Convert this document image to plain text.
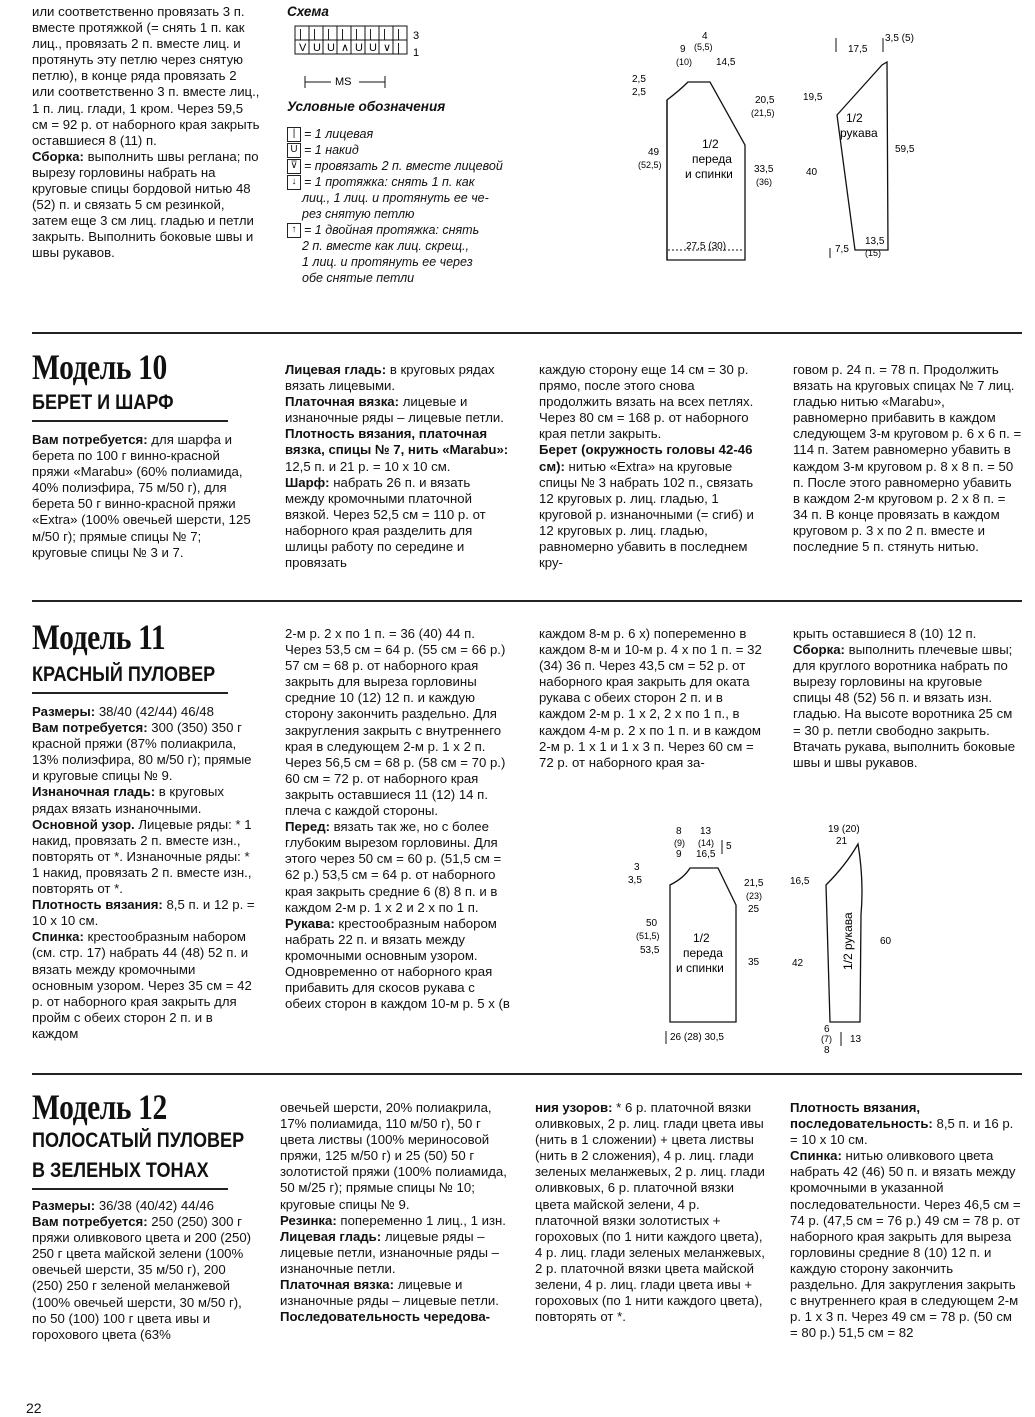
или соответственно провязать 3 п. вместе протяжкой (= снять 1 п. как лиц., провязать 2 п. вместе лиц. и протянуть эту петлю через снятую петлю), в конце ряда провязать 2 или соответственно 3 п. вместе лиц., 1 п. лиц. глади, 1 кром. Через 59,5 см = 92 р. от наборного края закрыть оставшиеся 8 (11) п.

Сборка: выполнить швы реглана; по вырезу горловины набрать на круговые спицы бордовой нитью 48 (52) п. и связать 5 см резинкой, затем еще 3 см лиц. гладью и петли закрыть. Выполнить боковые швы и швы рукавов.

Схема
| | | | | | | |
V U U ∧ U U ∨ |
3
1
MS
Условные обозначения
| = 1 лицевая
U = 1 накид
⊽ = провязать 2 п. вместе лицевой
↓ = 1 протяжка: снять 1 п. как
лиц., 1 лиц. и протянуть ее че-
рез снятую петлю
↑ = 1 двойная протяжка: снять
2 п. вместе как лиц. скрещ.,
1 лиц. и протянуть ее через
обе снятые петли
1/2
переда
и спинки
4
9 (5,5)
(10) 14,5
2,5
2,5
20,5
(21,5)
49
(52,5)	33,5
(36)
27,5 (30)
1/2
рукава
3,5 (5)
17,5
19,5
59,5
40
7,5
13,5
(15)
Модель 10
БЕРЕТ И ШАРФ

Вам потребуется: для шарфа и берета по 100 г винно-красной пряжи «Marabu» (60% полиамида, 40% полиэфира, 75 м/50 г), для берета 50 г винно-красной пряжи «Extra» (100% овечьей шерсти, 125 м/50 г); прямые спицы № 7; круговые спицы № 3 и 7.

Лицевая гладь: в круговых рядах вязать лицевыми.

Платочная вязка: лицевые и изнаночные ряды – лицевые петли.

Плотность вязания, платочная вязка, спицы № 7, нить «Marabu»: 12,5 п. и 21 р. = 10 х 10 см.

Шарф: набрать 26 п. и вязать между кромочными платочной вязкой. Через 52,5 см = 110 р. от наборного края разделить для шлицы работу по середине и провязать

каждую сторону еще 14 см = 30 р. прямо, после этого снова продолжить вязать на всех петлях. Через 80 см = 168 р. от наборного края петли закрыть.

Берет (окружность головы 42-46 см): нитью «Extra» на круговые спицы № 3 набрать 102 п., связать 12 круговых р. лиц. гладью, 1 круговой р. изнаночными (= сгиб) и 12 круговых р. лиц. гладью, равномерно убавить в последнем кру-

говом р. 24 п. = 78 п. Продолжить вязать на круговых спицах № 7 лиц. гладью нитью «Marabu», равномерно прибавить в каждом следующем 3-м круговом р. 6 х 6 п. = 114 п. Затем равномерно убавить в каждом 3-м круговом р. 8 х 8 п. = 50 п. После этого равномерно убавить в каждом 2-м круговом р. 2 х 8 п. = 34 п. В конце провязать в каждом круговом р. 3 х по 2 п. вместе и последние 5 п. стянуть нитью.

Модель 11
КРАСНЫЙ ПУЛОВЕР

Размеры: 38/40 (42/44) 46/48

Вам потребуется: 300 (350) 350 г красной пряжи (87% полиакрила, 13% полиэфира, 80 м/50 г); прямые и круговые спицы № 9.

Изнаночная гладь: в круговых рядах вязать изнаночными.

Основной узор. Лицевые ряды: * 1 накид, провязать 2 п. вместе изн., повторять от *. Изнаночные ряды: * 1 накид, провязать 2 п. вместе изн., повторять от *.

Плотность вязания: 8,5 п. и 12 р. = 10 х 10 см.

Спинка: крестообразным набором (см. стр. 17) набрать 44 (48) 52 п. и вязать между кромочными основным узором. Через 35 см = 42 р. от наборного края закрыть для пройм с обеих сторон 2 п. и в каждом

2-м р. 2 х по 1 п. = 36 (40) 44 п. Через 53,5 см = 64 р. (55 см = 66 р.) 57 см = 68 р. от наборного края закрыть для выреза горловины средние 10 (12) 12 п. и каждую сторону закончить раздельно. Для закругления закрыть с внутреннего края в следующем 2-м р. 1 х 2 п. Через 56,5 см = 68 р. (58 см = 70 р.) 60 см = 72 р. от наборного края закрыть оставшиеся 11 (12) 14 п. плеча с каждой стороны.

Перед: вязать так же, но с более глубоким вырезом горловины. Для этого через 50 см = 60 р. (51,5 см = 62 р.) 53,5 см = 64 р. от наборного края закрыть средние 6 (8) 8 п. и в каждом 2-м р. 1 х 2 и 2 х по 1 п.

Рукава: крестообразным набором набрать 22 п. и вязать между кромочными основным узором. Одновременно от наборного края прибавить для скосов рукава с обеих сторон в каждом 10-м р. 5 х (в

каждом 8-м р. 6 х) попеременно в каждом 8-м и 10-м р. 4 х по 1 п. = 32 (34) 36 п. Через 43,5 см = 52 р. от наборного края закрыть для оката рукава с обеих сторон 2 п. и в каждом 2-м р. 1 х 2, 2 х по 1 п., в каждом 4-м р. 2 х по 1 п. и в каждом 2-м р. 1 х 1 и 1 х 3 п. Через 60 см = 72 р. от наборного края за-

крыть оставшиеся 8 (10) 12 п.

Сборка: выполнить плечевые швы; для круглого воротника набрать по вырезу горловины на круговые спицы 48 (52) 56 п. и вязать изн. гладью. На высоте воротника 25 см = 30 р. петли свободно закрыть. Втачать рукава, выполнить боковые швы и швы рукавов.

1/2
переда
и спинки
8
(9)
9
13
(14)
16,5
5
3
3,5	21,5
(23)
25
50
(51,5)
53,5
35
26 (28) 30,5
1/2 рукава
19 (20)
21
16,5
42
60
6
(7)
8
13
Модель 12
ПОЛОСАТЫЙ ПУЛОВЕР
В ЗЕЛЕНЫХ ТОНАХ

Размеры: 36/38 (40/42) 44/46

Вам потребуется: 250 (250) 300 г пряжи оливкового цвета и 200 (250) 250 г цвета майской зелени (100% овечьей шерсти, 35 м/50 г), 200 (250) 250 г зеленой меланжевой (100% овечьей шерсти, 30 м/50 г), по 50 (100) 100 г цвета ивы и горохового цвета (63%

овечьей шерсти, 20% полиакрила, 17% полиамида, 110 м/50 г), 50 г цвета листвы (100% мериносовой пряжи, 125 м/50 г) и 25 (50) 50 г золотистой пряжи (100% полиамида, 50 м/25 г); прямые спицы № 10; круговые спицы № 9.

Резинка: попеременно 1 лиц., 1 изн.

Лицевая гладь: лицевые ряды – лицевые петли, изнаночные ряды – изнаночные петли.

Платочная вязка: лицевые и изнаночные ряды – лицевые петли.

Последовательность чередова-

ния узоров: * 6 р. платочной вязки оливковых, 2 р. лиц. глади цвета ивы (нить в 1 сложении) + цвета листвы (нить в 2 сложения), 4 р. лиц. глади зеленых меланжевых, 2 р. лиц. глади оливковых, 6 р. платочной вязки цвета майской зелени, 4 р. платочной вязки золотистых + гороховых (по 1 нити каждого цвета), 4 р. лиц. глади зеленых меланжевых, 2 р. платочной вязки цвета майской зелени, 4 р. лиц. глади цвета ивы + гороховых (по 1 нити каждого цвета), повторять от *.

Плотность вязания, последовательность: 8,5 п. и 16 р. = 10 х 10 см.

Спинка: нитью оливкового цвета набрать 42 (46) 50 п. и вязать между кромочными в указанной последовательности. Через 46,5 см = 74 р. (47,5 см = 76 р.) 49 см = 78 р. от наборного края закрыть для выреза горловины средние 8 (10) 12 п. и каждую сторону закончить раздельно. Для закругления закрыть с внутреннего края в следующем 2-м р. 1 х 3 п. Через 49 см = 78 р. (50 см = 80 р.) 51,5 см = 82

22
